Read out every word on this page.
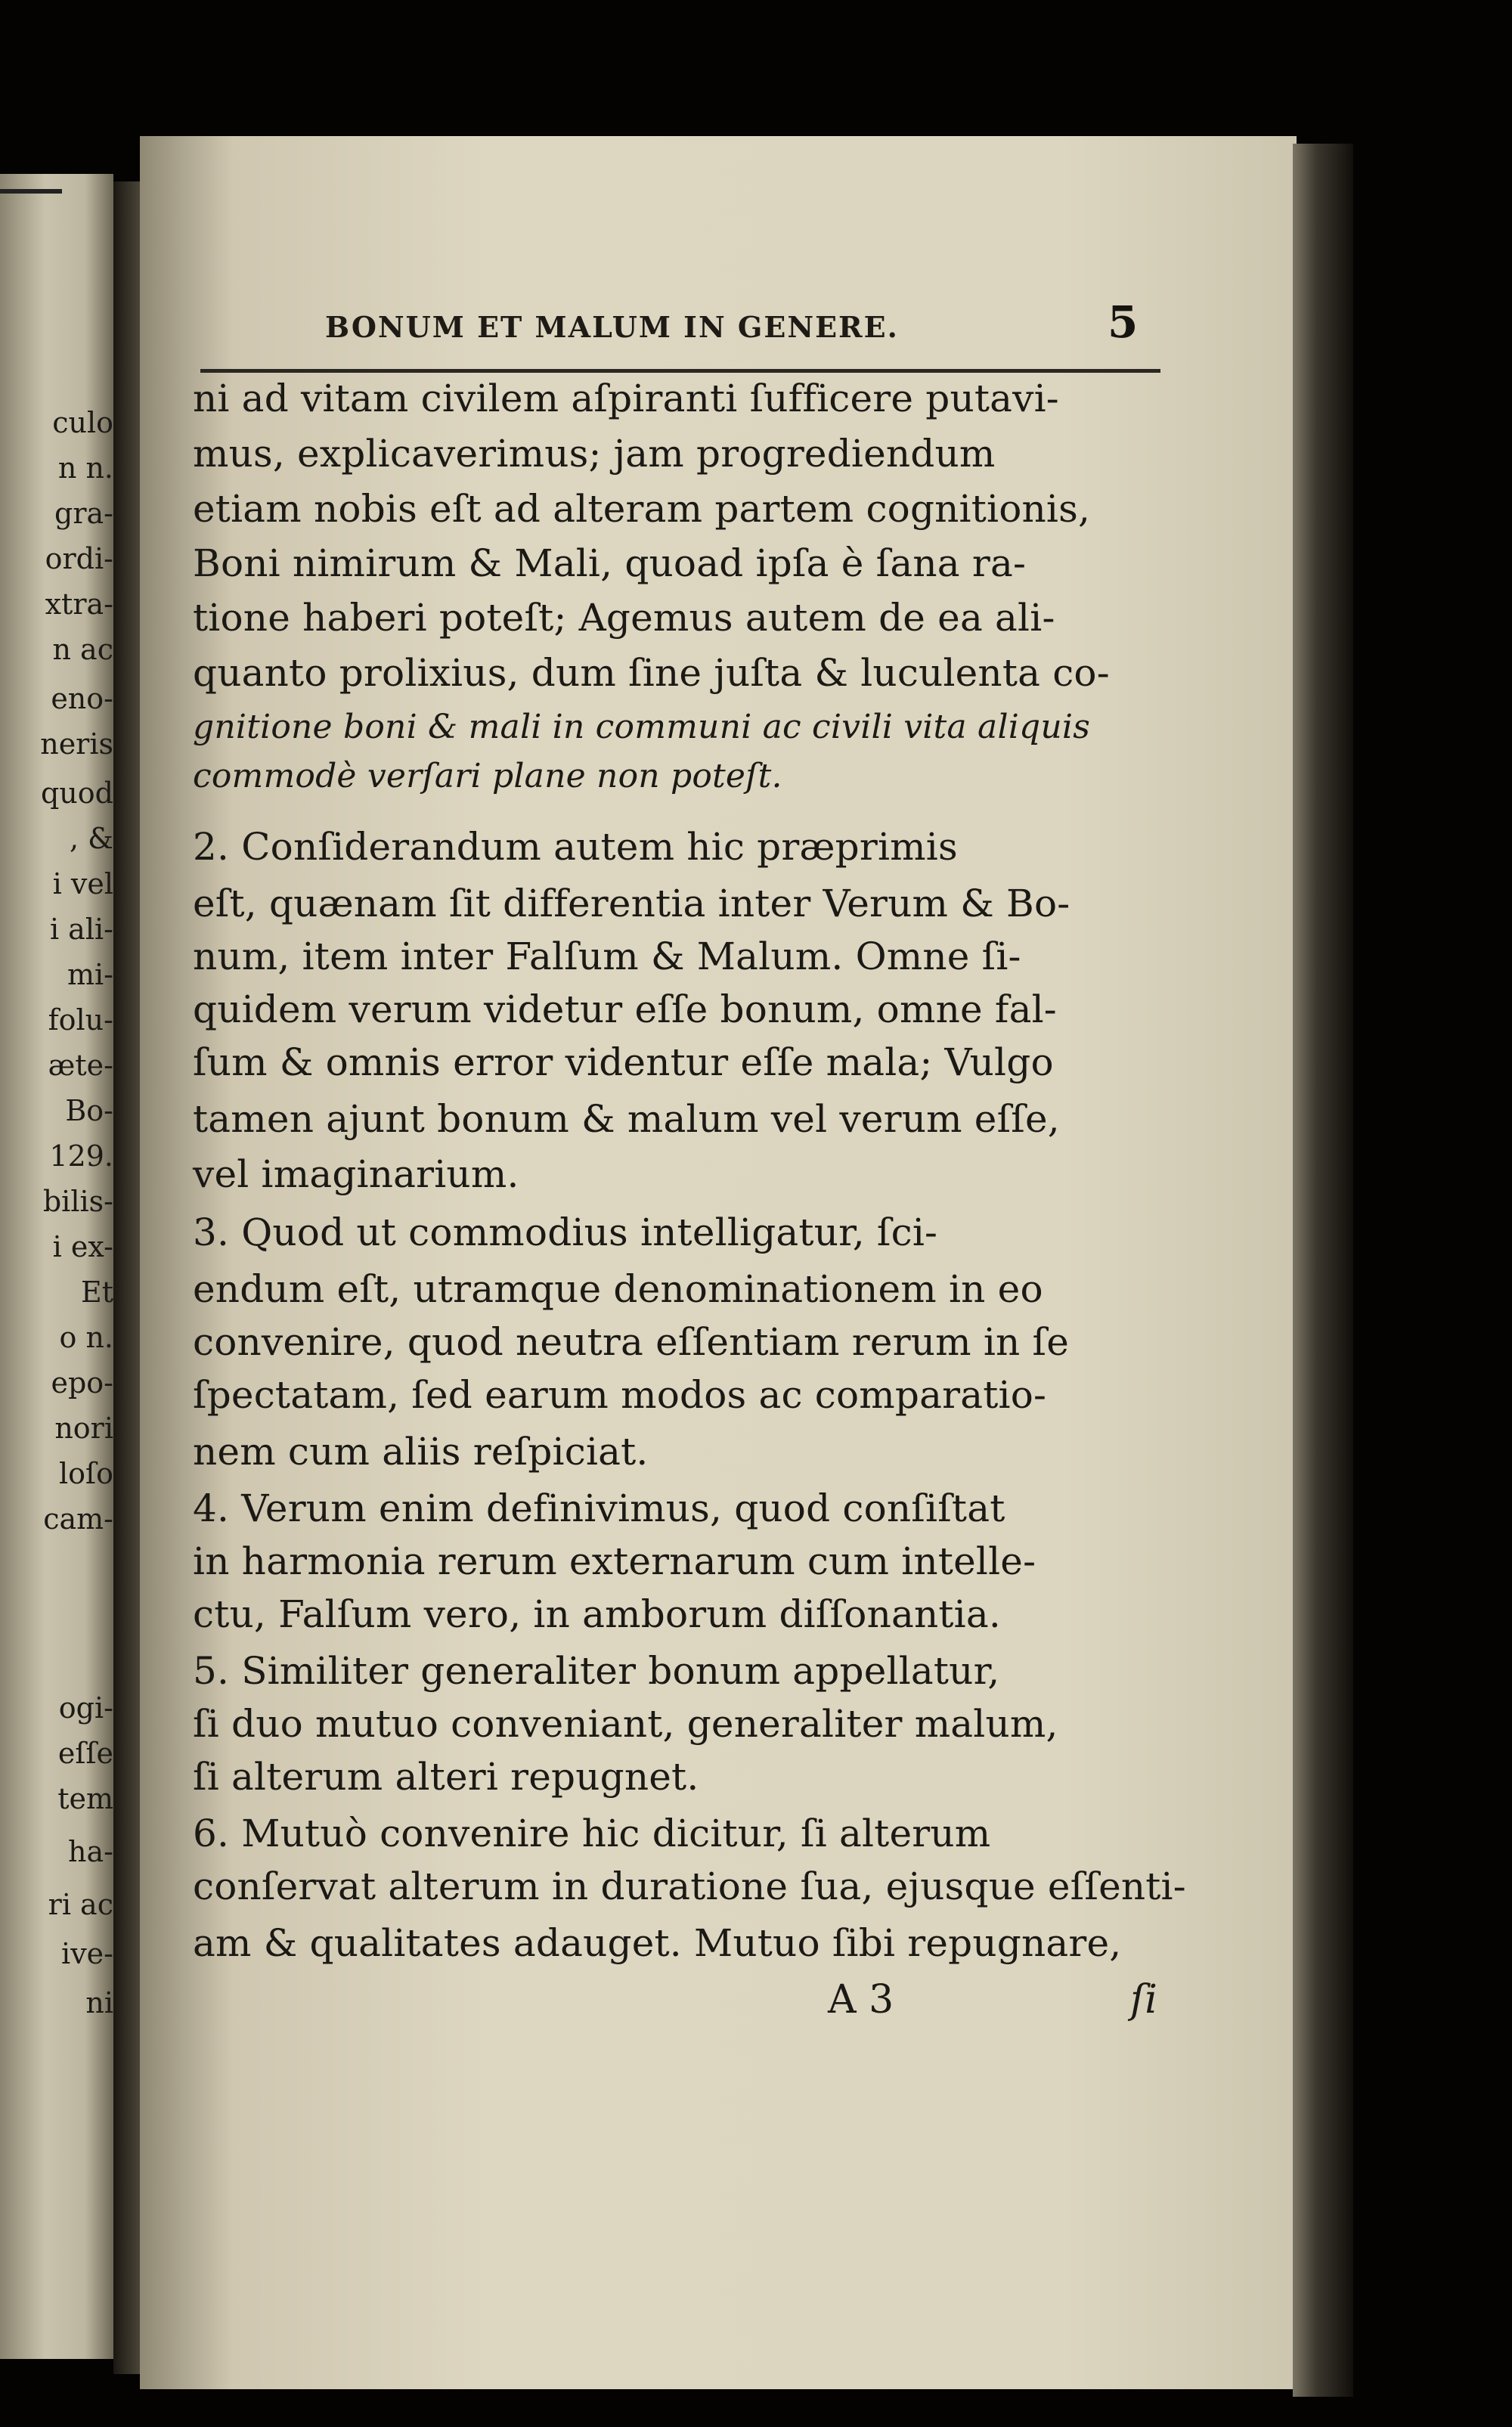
culo

n n.

gra-

ordi-

xtra-

n ac

eno-

neris

quod

, &

i vel

i ali-

mi-

folu-

æte-

Bo-

129.

bilis-

i ex-

Et

o n.

epo-

nori

loſo

cam-

ogi-

eſſe

tem

ha-

ri ac

ive-

ni

BONUM ET MALUM IN GENERE.	5

ni ad vitam civilem aſpiranti ſufficere putavi-

mus, explicaverimus; jam progrediendum

etiam nobis eſt ad alteram partem cognitionis,

Boni nimirum & Mali, quoad ipſa è ſana ra-

tione haberi poteſt; Agemus autem de ea ali-

quanto prolixius, dum ſine juſta & luculenta co-

gnitione boni & mali in communi ac civili vita aliquis

commodè verſari plane non poteſt.

2. Conſiderandum autem hic præprimis

eſt, quænam ſit differentia inter Verum & Bo-

num, item inter Falſum & Malum. Omne ſi-

quidem verum videtur eſſe bonum, omne fal-

ſum & omnis error videntur eſſe mala; Vulgo

tamen ajunt bonum & malum vel verum eſſe,

vel imaginarium.

3. Quod ut commodius intelligatur, ſci-

endum eſt, utramque denominationem in eo

convenire, quod neutra eſſentiam rerum in ſe

ſpectatam, ſed earum modos ac comparatio-

nem cum aliis reſpiciat.

4. Verum enim definivimus, quod conſiſtat

in harmonia rerum externarum cum intelle-

ctu, Falſum vero, in amborum diſſonantia.

5. Similiter generaliter bonum appellatur,

ſi duo mutuo conveniant, generaliter malum,

ſi alterum alteri repugnet.

6. Mutuò convenire hic dicitur, ſi alterum

conſervat alterum in duratione ſua, ejusque eſſenti-

am & qualitates adauget. Mutuo ſibi repugnare,

A 3	ſi
